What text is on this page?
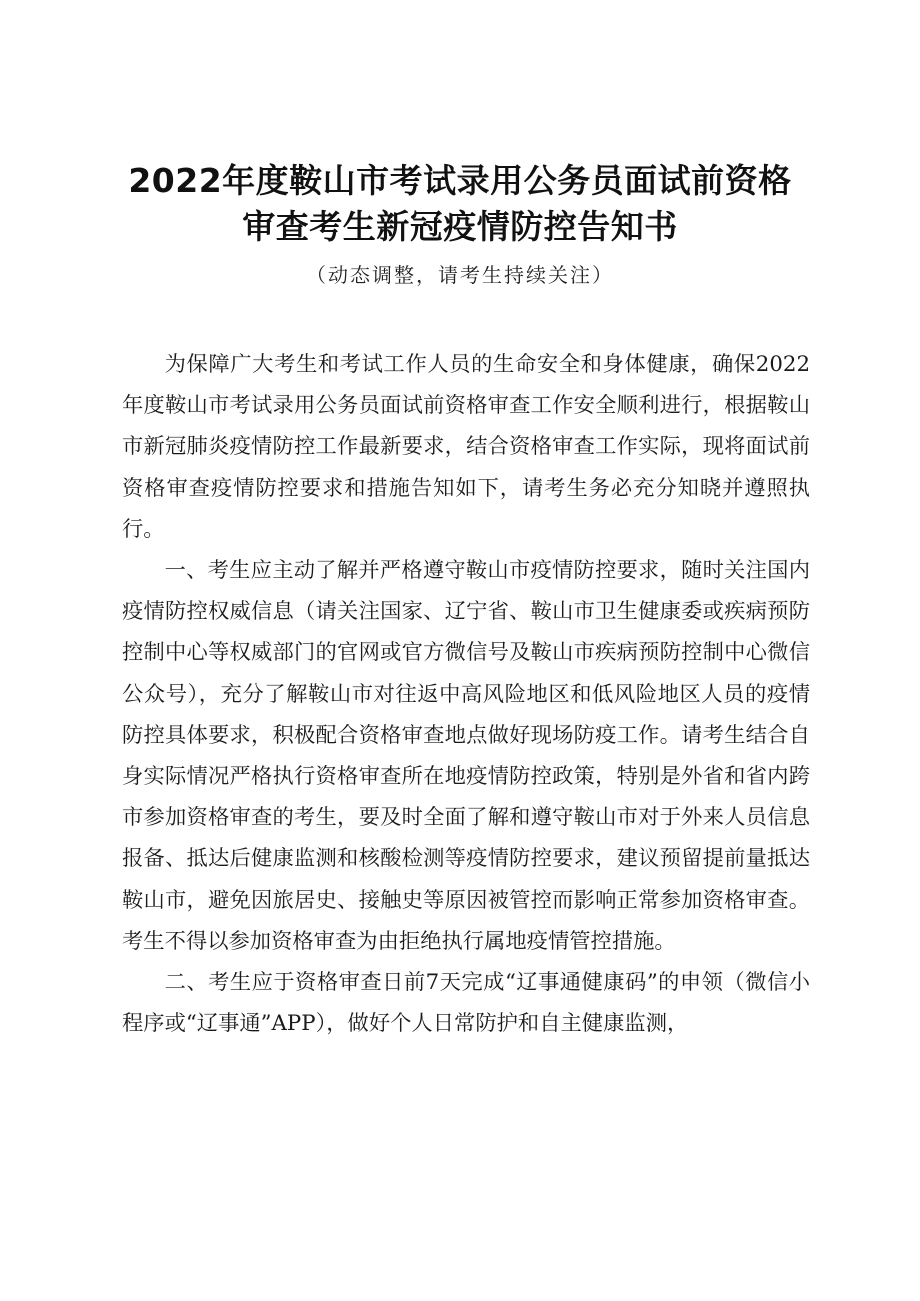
2022年度鞍山市考试录用公务员面试前资格
审查考生新冠疫情防控告知书
（动态调整，请考生持续关注）

为保障广大考生和考试工作人员的生命安全和身体健康，确保2022年度鞍山市考试录用公务员面试前资格审查工作安全顺利进行，根据鞍山市新冠肺炎疫情防控工作最新要求，结合资格审查工作实际，现将面试前资格审查疫情防控要求和措施告知如下，请考生务必充分知晓并遵照执行。

一、考生应主动了解并严格遵守鞍山市疫情防控要求，随时关注国内疫情防控权威信息（请关注国家、辽宁省、鞍山市卫生健康委或疾病预防控制中心等权威部门的官网或官方微信号及鞍山市疾病预防控制中心微信公众号），充分了解鞍山市对往返中高风险地区和低风险地区人员的疫情防控具体要求，积极配合资格审查地点做好现场防疫工作。请考生结合自身实际情况严格执行资格审查所在地疫情防控政策，特别是外省和省内跨市参加资格审查的考生，要及时全面了解和遵守鞍山市对于外来人员信息报备、抵达后健康监测和核酸检测等疫情防控要求，建议预留提前量抵达鞍山市，避免因旅居史、接触史等原因被管控而影响正常参加资格审查。考生不得以参加资格审查为由拒绝执行属地疫情管控措施。

二、考生应于资格审查日前7天完成“辽事通健康码”的申领（微信小程序或“辽事通”APP），做好个人日常防护和自主健康监测，
